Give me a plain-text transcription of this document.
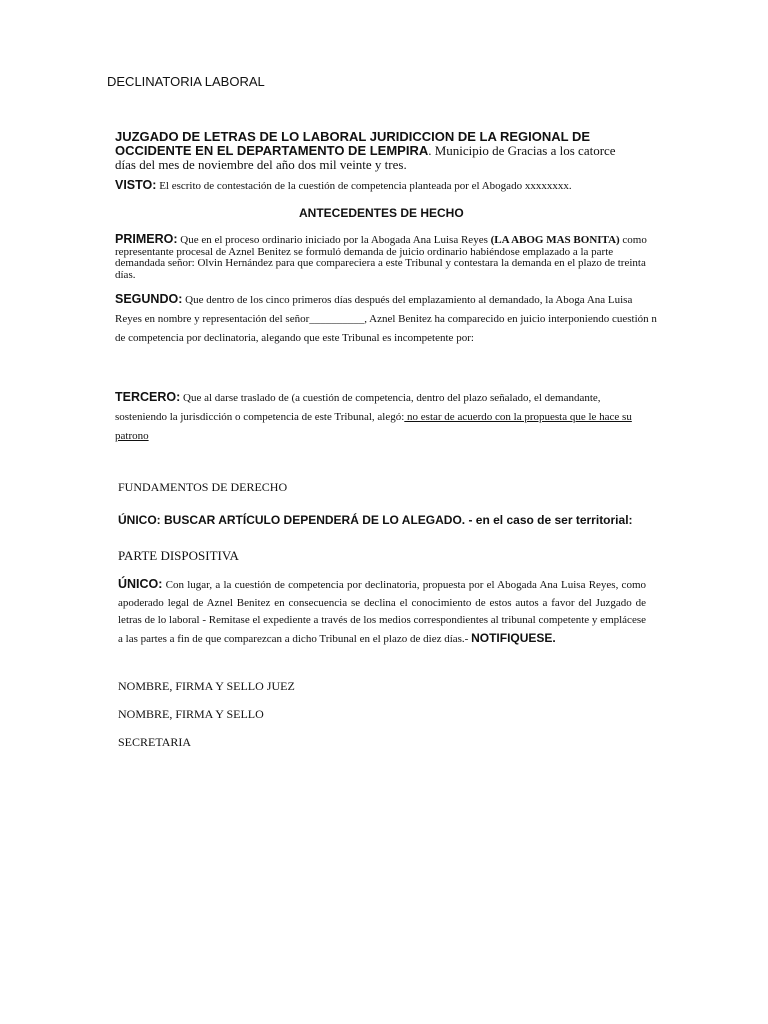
DECLINATORIA LABORAL

JUZGADO DE LETRAS DE LO LABORAL JURIDICCION DE LA REGIONAL DE OCCIDENTE EN EL DEPARTAMENTO DE LEMPIRA. Municipio de Gracias a los catorce días del mes de noviembre del año dos mil veinte y tres.

VISTO: El escrito de contestación de la cuestión de competencia planteada por el Abogado xxxxxxxx.

ANTECEDENTES DE HECHO

PRIMERO: Que en el proceso ordinario iniciado por la Abogada Ana Luisa Reyes (LA ABOG MAS BONITA) como representante procesal de Aznel Benitez se formuló demanda de juicio ordinario habiéndose emplazado a la parte demandada señor: Olvin Hernández para que compareciera a este Tribunal y contestara la demanda en el plazo de treinta días.

SEGUNDO: Que dentro de los cinco primeros días después del emplazamiento al demandado, la Aboga Ana Luisa Reyes en nombre y representación del señor__________, Aznel Benitez ha comparecido en juicio interponiendo cuestión n de competencia por declinatoria, alegando que este Tribunal es incompetente por:

TERCERO: Que al darse traslado de (a cuestión de competencia, dentro del plazo señalado, el demandante, sosteniendo la jurisdicción o competencia de este Tribunal, alegó: no estar de acuerdo con la propuesta que le hace su patrono

FUNDAMENTOS DE DERECHO

ÚNICO: BUSCAR ARTÍCULO DEPENDERÁ DE LO ALEGADO. - en el caso de ser territorial:

PARTE DISPOSITIVA

ÚNICO: Con lugar, a la cuestión de competencia por declinatoria, propuesta por el Abogada Ana Luisa Reyes, como apoderado legal de Aznel Benitez en consecuencia se declina el conocimiento de estos autos a favor del Juzgado de letras de lo laboral - Remitase el expediente a través de los medios correspondientes al tribunal competente y emplácese a las partes a fin de que comparezcan a dicho Tribunal en el plazo de diez días.- NOTIFIQUESE.

NOMBRE, FIRMA Y SELLO JUEZ

NOMBRE, FIRMA Y SELLO

SECRETARIA
